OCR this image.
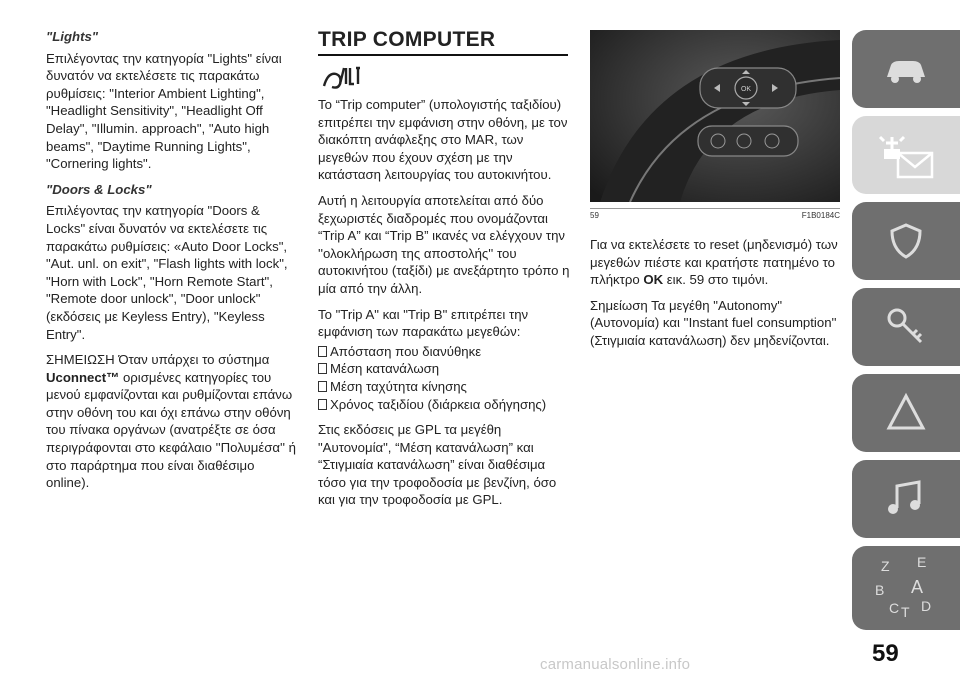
"Lights"

Επιλέγοντας την κατηγορία "Lights" είναι δυνατόν να εκτελέσετε τις παρακάτω ρυθμίσεις: "Interior Ambient Lighting", "Headlight Sensitivity", "Headlight Off Delay", "Illumin. approach", "Auto high beams", "Daytime Running Lights", "Cornering lights".

"Doors & Locks"

Επιλέγοντας την κατηγορία "Doors & Locks" είναι δυνατόν να εκτελέσετε τις παρακάτω ρυθμίσεις: «Auto Door Locks", "Aut. unl. on exit", "Flash lights with lock", "Horn with Lock", "Horn Remote Start", "Remote door unlock", "Door unlock" (εκδόσεις με Keyless Entry), "Keyless Entry".

ΣΗΜΕΙΩΣΗ Όταν υπάρχει το σύστημα Uconnect™ ορισμένες κατηγορίες του μενού εμφανίζονται και ρυθμίζονται επάνω στην οθόνη του και όχι επάνω στην οθόνη του πίνακα οργάνων (ανατρέξτε σε όσα περιγράφονται στο κεφάλαιο ''Πολυμέσα'' ή στο παράρτημα που είναι διαθέσιμο online).

TRIP COMPUTER

Το “Trip computer” (υπολογιστής ταξιδίου) επιτρέπει την εμφάνιση στην οθόνη, με τον διακόπτη ανάφλεξης στο MAR, των μεγεθών που έχουν σχέση με την κατάσταση λειτουργίας του αυτοκινήτου.

Αυτή η λειτουργία αποτελείται από δύο ξεχωριστές διαδρομές που ονομάζονται “Trip A” και “Trip B” ικανές να ελέγχουν την ''ολοκλήρωση της αποστολής'' του αυτοκινήτου (ταξίδι) με ανεξάρτητο τρόπο η μία από την άλλη.

Το "Trip A" και "Trip B" επιτρέπει την εμφάνιση των παρακάτω μεγεθών:

Απόσταση που διανύθηκε
Μέση κατανάλωση
Μέση ταχύτητα κίνησης
Χρόνος ταξιδίου (διάρκεια οδήγησης)

Στις εκδόσεις με GPL τα μεγέθη "Αυτονομία", “Μέση κατανάλωση” και “Στιγμιαία κατανάλωση” είναι διαθέσιμα τόσο για την τροφοδοσία με βενζίνη, όσο και για την τροφοδοσία με GPL.

OK
59	F1B0184C

Για να εκτελέσετε το reset (μηδενισμό) των μεγεθών πιέστε και κρατήστε πατημένο το πλήκτρο OK εικ. 59 στο τιμόνι.

Σημείωση Τα μεγέθη "Autonomy" (Αυτονομία) και ''Instant fuel consumption'' (Στιγμιαία κατανάλωση) δεν μηδενίζονται.

Z E
B A
C T D
59
carmanualsonline.info
